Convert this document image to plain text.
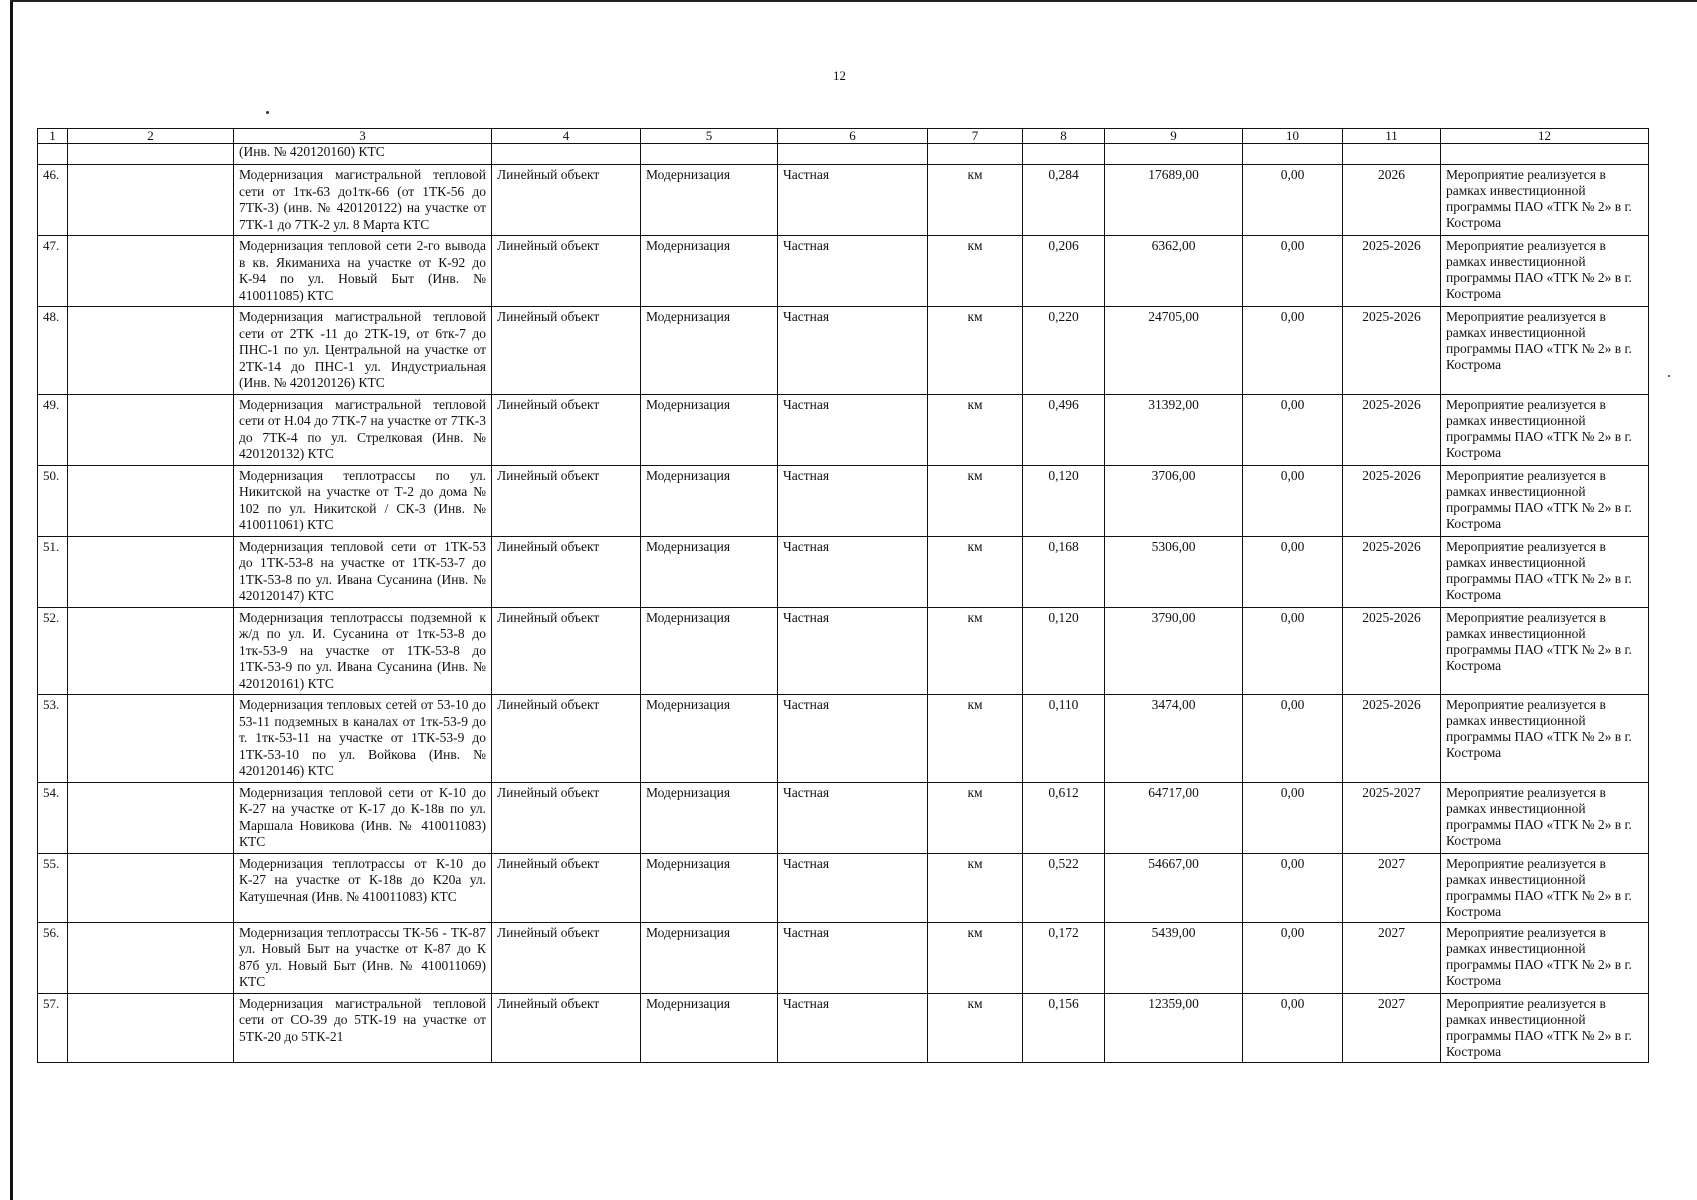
12
1	2	3	4	5	6	7	8	9	10	11	12
		(Инв. № 420120160) КТС									
46.		Модернизация магистральной тепловой сети от 1тк-63 до1тк-66 (от 1ТК-56 до 7ТК-3) (инв. № 420120122) на участке от 7ТК-1 до 7ТК-2 ул. 8 Марта КТС	Линейный объект	Модернизация	Частная	км	0,284	17689,00	0,00	2026	Мероприятие реализуется в рамках инвестиционной программы ПАО «ТГК № 2» в г. Кострома
47.		Модернизация тепловой сети 2-го вывода в кв. Якиманиха на участке от К-92 до К-94 по ул. Новый Быт (Инв. № 410011085) КТС	Линейный объект	Модернизация	Частная	км	0,206	6362,00	0,00	2025-2026	Мероприятие реализуется в рамках инвестиционной программы ПАО «ТГК № 2» в г. Кострома
48.		Модернизация магистральной тепловой сети от 2ТК -11 до 2ТК-19, от 6тк-7 до ПНС-1 по ул. Центральной на участке от 2ТК-14 до ПНС-1 ул. Индустриальная (Инв. № 420120126) КТС	Линейный объект	Модернизация	Частная	км	0,220	24705,00	0,00	2025-2026	Мероприятие реализуется в рамках инвестиционной программы ПАО «ТГК № 2» в г. Кострома
49.		Модернизация магистральной тепловой сети от Н.04 до 7ТК-7 на участке от 7ТК-3 до 7ТК-4 по ул. Стрелковая (Инв. № 420120132) КТС	Линейный объект	Модернизация	Частная	км	0,496	31392,00	0,00	2025-2026	Мероприятие реализуется в рамках инвестиционной программы ПАО «ТГК № 2» в г. Кострома
50.		Модернизация теплотрассы по ул. Никитской на участке от Т-2 до дома № 102 по ул. Никитской / СК-3 (Инв. № 410011061) КТС	Линейный объект	Модернизация	Частная	км	0,120	3706,00	0,00	2025-2026	Мероприятие реализуется в рамках инвестиционной программы ПАО «ТГК № 2» в г. Кострома
51.		Модернизация тепловой сети от 1ТК-53 до 1ТК-53-8 на участке от 1ТК-53-7 до 1ТК-53-8 по ул. Ивана Сусанина (Инв. № 420120147) КТС	Линейный объект	Модернизация	Частная	км	0,168	5306,00	0,00	2025-2026	Мероприятие реализуется в рамках инвестиционной программы ПАО «ТГК № 2» в г. Кострома
52.		Модернизация теплотрассы подземной к ж/д по ул. И. Сусанина от 1тк-53-8 до 1тк-53-9 на участке от 1ТК-53-8 до 1ТК-53-9 по ул. Ивана Сусанина (Инв. № 420120161) КТС	Линейный объект	Модернизация	Частная	км	0,120	3790,00	0,00	2025-2026	Мероприятие реализуется в рамках инвестиционной программы ПАО «ТГК № 2» в г. Кострома
53.		Модернизация тепловых сетей от 53-10 до 53-11 подземных в каналах от 1тк-53-9 до т. 1тк-53-11 на участке от 1ТК-53-9 до 1ТК-53-10 по ул. Войкова (Инв. № 420120146) КТС	Линейный объект	Модернизация	Частная	км	0,110	3474,00	0,00	2025-2026	Мероприятие реализуется в рамках инвестиционной программы ПАО «ТГК № 2» в г. Кострома
54.		Модернизация тепловой сети от К-10 до К-27 на участке от К-17 до К-18в по ул. Маршала Новикова (Инв. № 410011083) КТС	Линейный объект	Модернизация	Частная	км	0,612	64717,00	0,00	2025-2027	Мероприятие реализуется в рамках инвестиционной программы ПАО «ТГК № 2» в г. Кострома
55.		Модернизация теплотрассы от К-10 до К-27 на участке от К-18в до К20а ул. Катушечная (Инв. № 410011083) КТС	Линейный объект	Модернизация	Частная	км	0,522	54667,00	0,00	2027	Мероприятие реализуется в рамках инвестиционной программы ПАО «ТГК № 2» в г. Кострома
56.		Модернизация теплотрассы ТК-56 - ТК-87 ул. Новый Быт на участке от К-87 до К 87б ул. Новый Быт (Инв. № 410011069) КТС	Линейный объект	Модернизация	Частная	км	0,172	5439,00	0,00	2027	Мероприятие реализуется в рамках инвестиционной программы ПАО «ТГК № 2» в г. Кострома
57.		Модернизация магистральной тепловой сети от СО-39 до 5ТК-19 на участке от 5ТК-20 до 5ТК-21	Линейный объект	Модернизация	Частная	км	0,156	12359,00	0,00	2027	Мероприятие реализуется в рамках инвестиционной программы ПАО «ТГК № 2» в г. Кострома
